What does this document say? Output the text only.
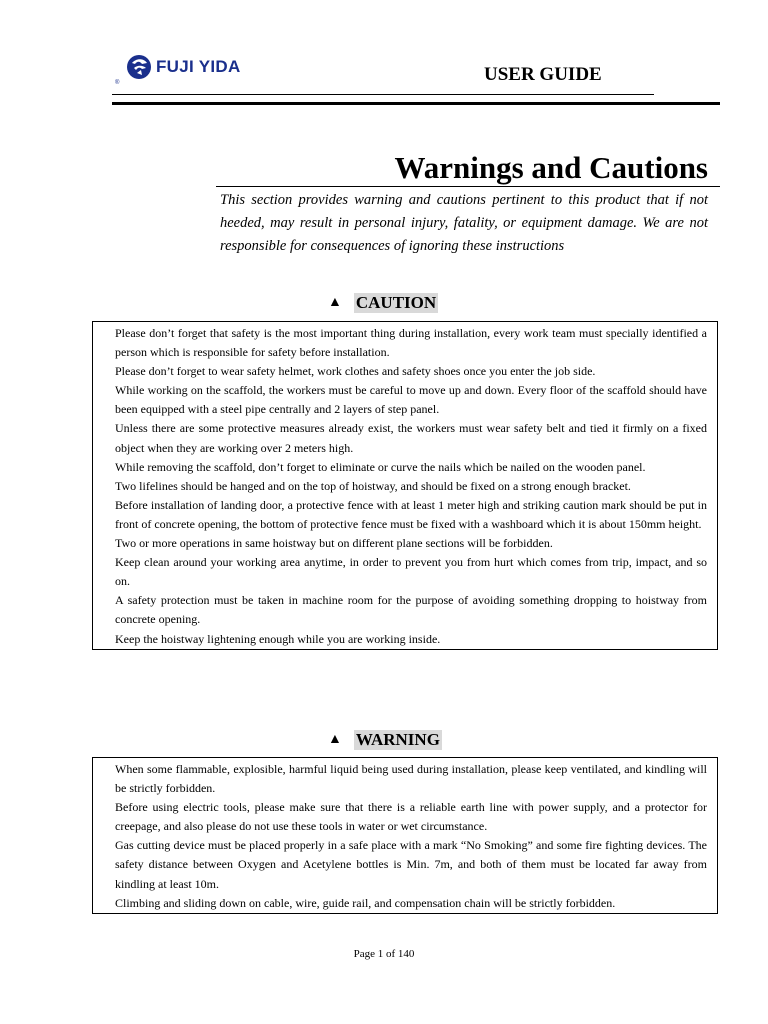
FUJI YIDA
®	USER GUIDE
Warnings and Cautions

This section provides warning and cautions pertinent to this product that if not heeded, may result in personal injury, fatality, or equipment damage. We are not responsible for consequences of ignoring these instructions

▲ CAUTION

Please don’t forget that safety is the most important thing during installation, every work team must specially identified a person which is responsible for safety before installation.

Please don’t forget to wear safety helmet, work clothes and safety shoes once you enter the job side.

While working on the scaffold, the workers must be careful to move up and down. Every floor of the scaffold should have been equipped with a steel pipe centrally and 2 layers of step panel.

Unless there are some protective measures already exist, the workers must wear safety belt and tied it firmly on a fixed object when they are working over 2 meters high.

While removing the scaffold, don’t forget to eliminate or curve the nails which be nailed on the wooden panel.

Two lifelines should be hanged and on the top of hoistway, and should be fixed on a strong enough bracket.

Before installation of landing door, a protective fence with at least 1 meter high and striking caution mark should be put in front of concrete opening, the bottom of protective fence must be fixed with a washboard which it is about 150mm height.

Two or more operations in same hoistway but on different plane sections will be forbidden.

Keep clean around your working area anytime, in order to prevent you from hurt which comes from trip, impact, and so on.

A safety protection must be taken in machine room for the purpose of avoiding something dropping to hoistway from concrete opening.

Keep the hoistway lightening enough while you are working inside.

▲ WARNING

When some flammable, explosible, harmful liquid being used during installation, please keep ventilated, and kindling will be strictly forbidden.

Before using electric tools, please make sure that there is a reliable earth line with power supply, and a protector for creepage, and also please do not use these tools in water or wet circumstance.

Gas cutting device must be placed properly in a safe place with a mark “No Smoking” and some fire fighting devices. The safety distance between Oxygen and Acetylene bottles is Min. 7m, and both of them must be located far away from kindling at least 10m.

Climbing and sliding down on cable, wire, guide rail, and compensation chain will be strictly forbidden.

Page 1 of 140
